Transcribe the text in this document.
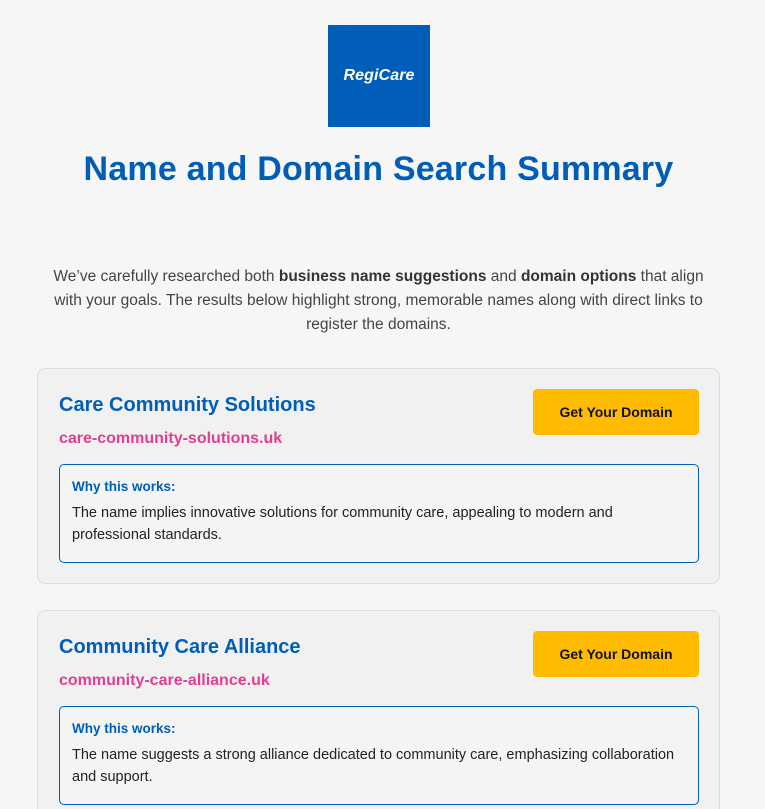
RegiCare
Name and Domain Search Summary

We’ve carefully researched both business name suggestions and domain options that align with your goals. The results below highlight strong, memorable names along with direct links to register the domains.

Care Community Solutions
care-community-solutions.uk
Get Your Domain
Why this works:
The name implies innovative solutions for community care, appealing to modern and professional standards.
Community Care Alliance
community-care-alliance.uk
Get Your Domain
Why this works:
The name suggests a strong alliance dedicated to community care, emphasizing collaboration and support.
